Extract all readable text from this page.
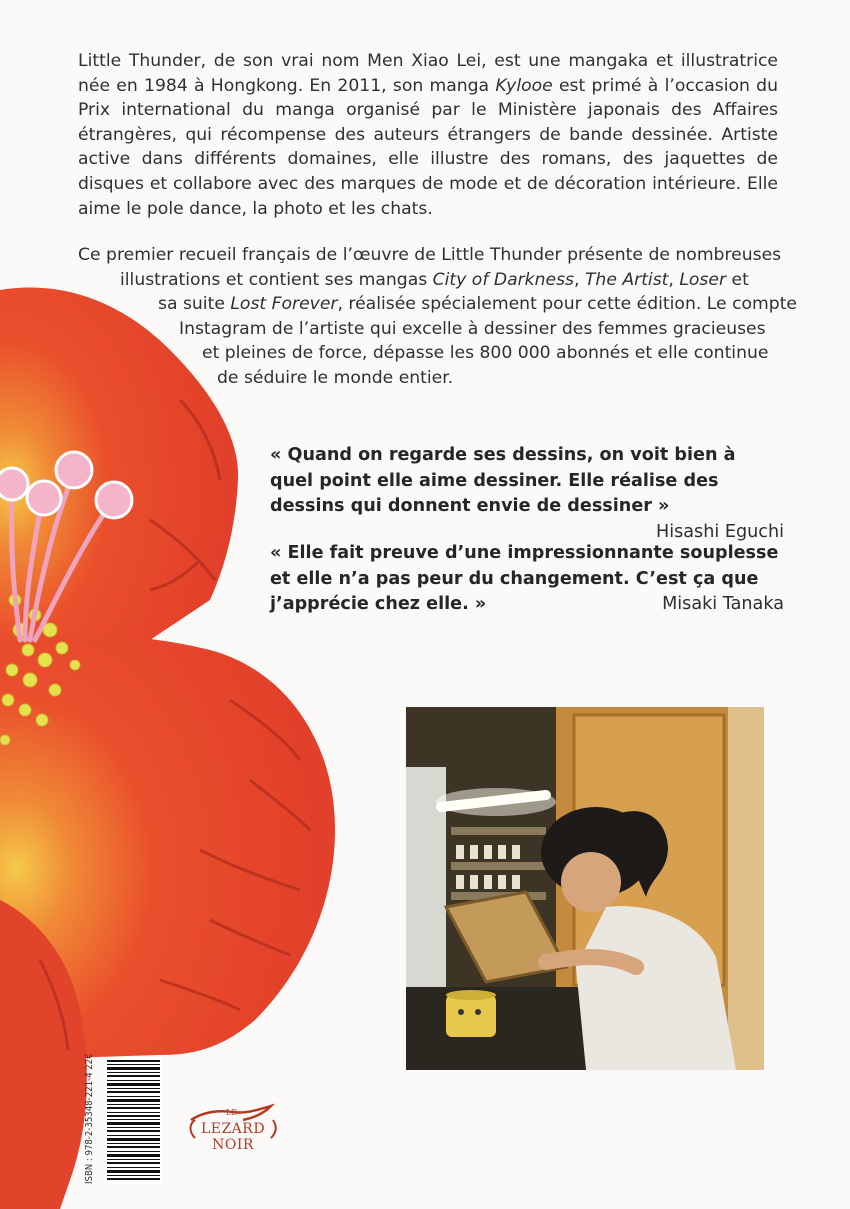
Little Thunder, de son vrai nom Men Xiao Lei, est une mangaka et illustratrice née en 1984 à Hongkong. En 2011, son manga Kylooe est primé à l’occasion du Prix international du manga organisé par le Ministère japonais des Affaires étrangères, qui récompense des auteurs étrangers de bande dessinée. Artiste active dans différents domaines, elle illustre des romans, des jaquettes de disques et collabore avec des marques de mode et de décoration intérieure. Elle aime le pole dance, la photo et les chats.

Ce premier recueil français de l’œuvre de Little Thunder présente de nombreuses
illustrations et contient ses mangas City of Darkness, The Artist, Loser et
sa suite Lost Forever, réalisée spécialement pour cette édition. Le compte
Instagram de l’artiste qui excelle à dessiner des femmes gracieuses
et pleines de force, dépasse les 800 000 abonnés et elle continue
de séduire le monde entier.

« Quand on regarde ses dessins, on voit bien à quel point elle aime dessiner. Elle réalise des dessins qui donnent envie de dessiner »
Hisashi Eguchi

« Elle fait preuve d’une impressionnante souplesse et elle n’a pas peur du changement. C’est ça que j’apprécie chez elle. »	Misaki Tanaka

ISBN : 978-2-35348-221-4 22€	LE
LEZARD NOIR
